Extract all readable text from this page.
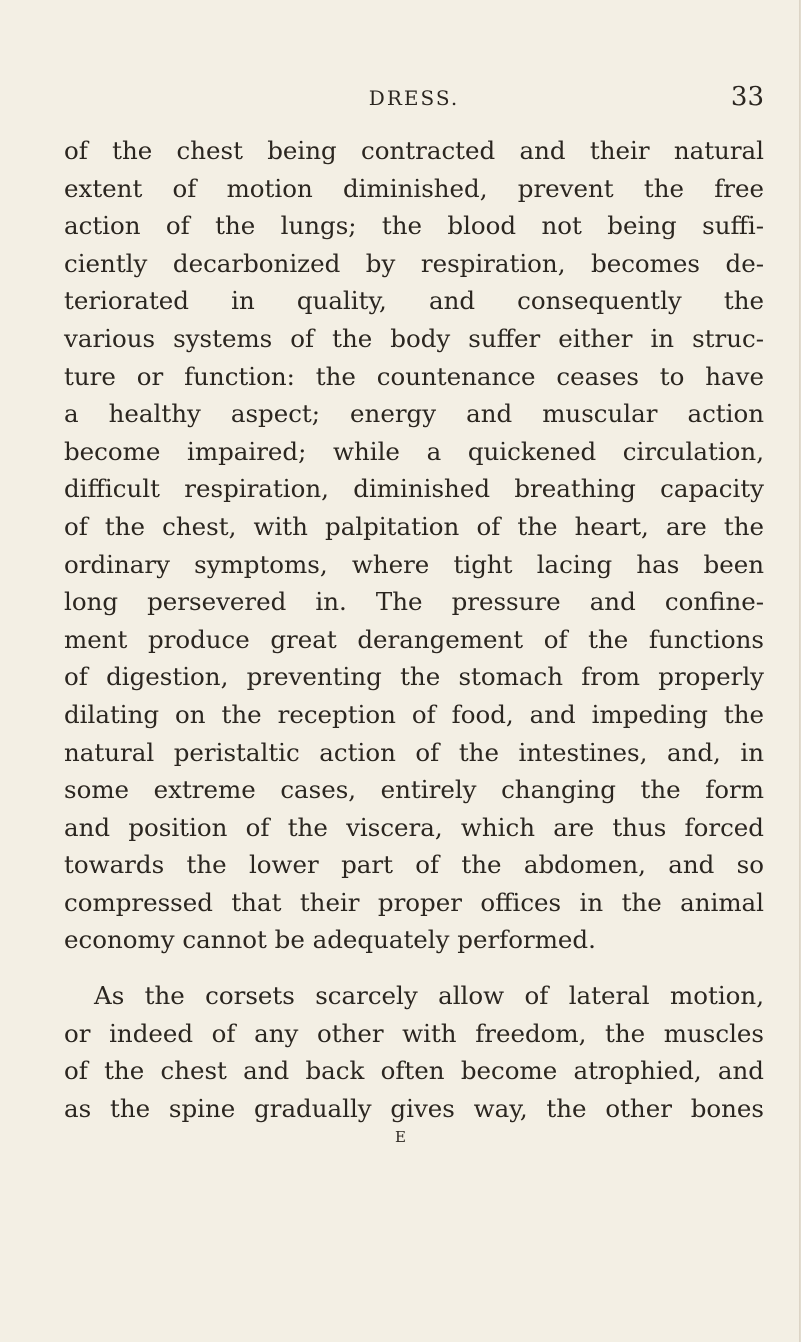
DRESS.	33
of the chest being contracted and their natural
extent of motion diminished, prevent the free
action of the lungs; the blood not being suffi-
ciently decarbonized by respiration, becomes de-
teriorated in quality, and consequently the
various systems of the body suffer either in struc-
ture or function: the countenance ceases to have
a healthy aspect; energy and muscular action
become impaired; while a quickened circulation,
difficult respiration, diminished breathing capacity
of the chest, with palpitation of the heart, are the
ordinary symptoms, where tight lacing has been
long persevered in. The pressure and confine-
ment produce great derangement of the functions
of digestion, preventing the stomach from properly
dilating on the reception of food, and impeding the
natural peristaltic action of the intestines, and, in
some extreme cases, entirely changing the form
and position of the viscera, which are thus forced
towards the lower part of the abdomen, and so
compressed that their proper offices in the animal
economy cannot be adequately performed.
As the corsets scarcely allow of lateral motion,
or indeed of any other with freedom, the muscles
of the chest and back often become atrophied, and
as the spine gradually gives way, the other bones
E
